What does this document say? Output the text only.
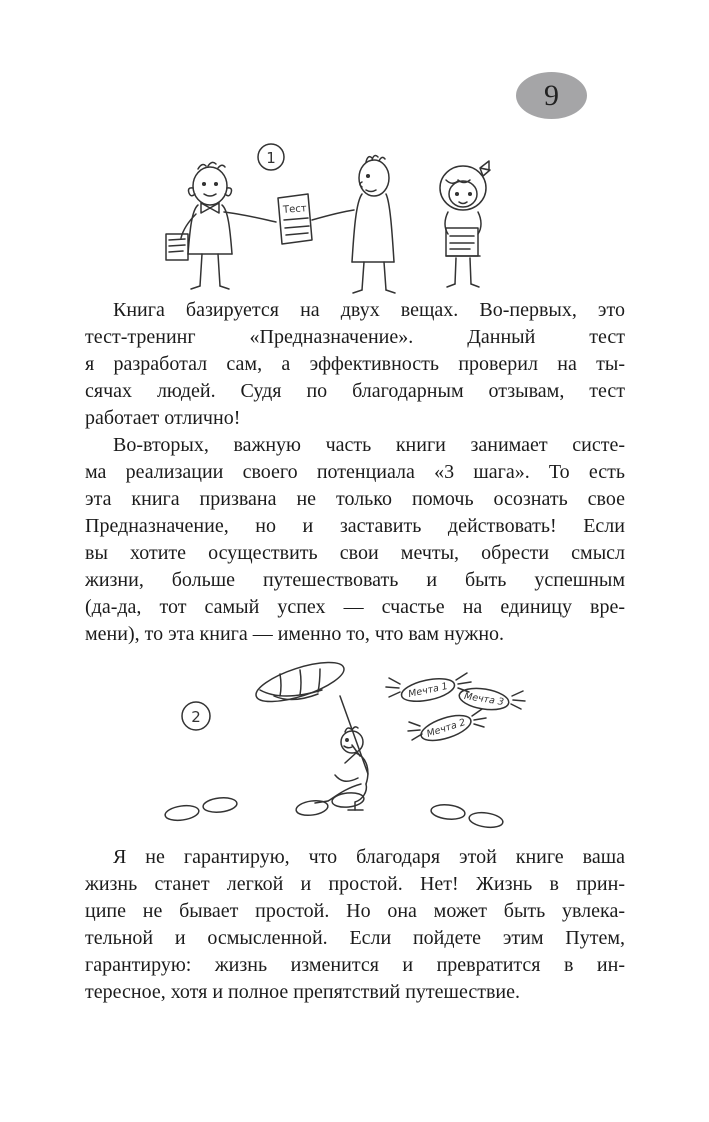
9
1
Тест
Книга базируется на двух вещах. Во-первых, это
тест-тренинг «Предназначение». Данный тест
я разработал сам, а эффективность проверил на ты-
сячах людей. Судя по благодарным отзывам, тест
работает отлично!
Во-вторых, важную часть книги занимает систе-
ма реализации своего потенциала «3 шага». То есть
эта книга призвана не только помочь осознать свое
Предназначение, но и заставить действовать! Если
вы хотите осуществить свои мечты, обрести смысл
жизни, больше путешествовать и быть успешным
(да-да, тот самый успех — счастье на единицу вре-
мени), то эта книга — именно то, что вам нужно.
2
Мечта 1 Мечта 3
Мечта 2
Я не гарантирую, что благодаря этой книге ваша
жизнь станет легкой и простой. Нет! Жизнь в прин-
ципе не бывает простой. Но она может быть увлека-
тельной и осмысленной. Если пойдете этим Путем,
гарантирую: жизнь изменится и превратится в ин-
тересное, хотя и полное препятствий путешествие.
